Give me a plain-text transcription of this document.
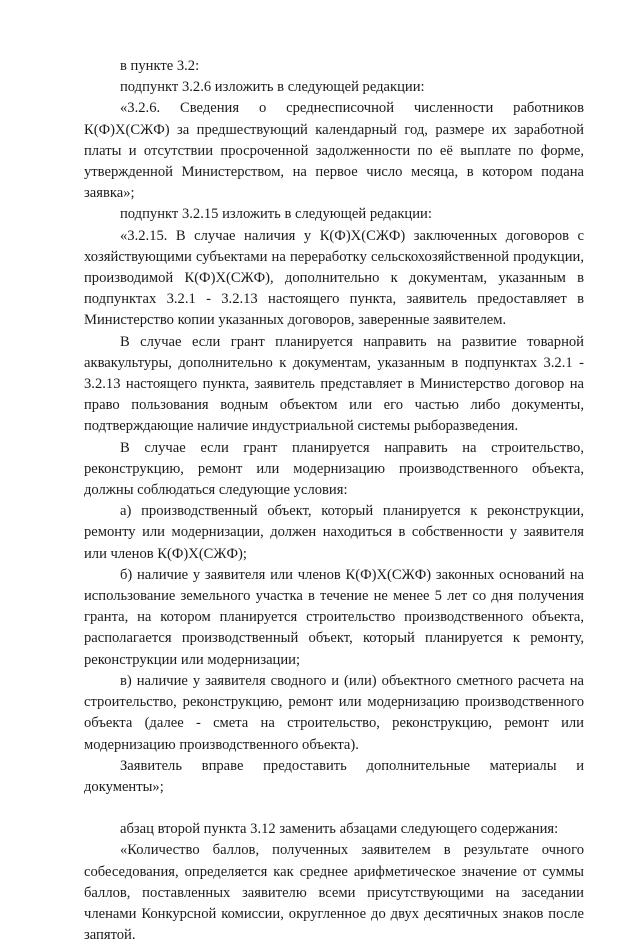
в пункте 3.2:

подпункт 3.2.6 изложить в следующей редакции:

«3.2.6. Сведения о среднесписочной численности работников К(Ф)Х(СЖФ) за предшествующий календарный год, размере их заработной платы и отсутствии просроченной задолженности по её выплате по форме, утвержденной Министерством, на первое число месяца, в котором подана заявка»;

подпункт 3.2.15 изложить в следующей редакции:

«3.2.15. В случае наличия у К(Ф)Х(СЖФ) заключенных договоров с хозяйствующими субъектами на переработку сельскохозяйственной продукции, производимой К(Ф)Х(СЖФ), дополнительно к документам, указанным в подпунктах 3.2.1 - 3.2.13 настоящего пункта, заявитель предоставляет в Министерство копии указанных договоров, заверенные заявителем.

В случае если грант планируется направить на развитие товарной аквакультуры, дополнительно к документам, указанным в подпунктах 3.2.1 - 3.2.13 настоящего пункта, заявитель представляет в Министерство договор на право пользования водным объектом или его частью либо документы, подтверждающие наличие индустриальной системы рыборазведения.

В случае если грант планируется направить на строительство, реконструкцию, ремонт или модернизацию производственного объекта, должны соблюдаться следующие условия:

а) производственный объект, который планируется к реконструкции, ремонту или модернизации, должен находиться в собственности у заявителя или членов К(Ф)Х(СЖФ);

б) наличие у заявителя или членов К(Ф)Х(СЖФ) законных оснований на использование земельного участка в течение не менее 5 лет со дня получения гранта, на котором планируется строительство производственного объекта, располагается производственный объект, который планируется к ремонту, реконструкции или модернизации;

в) наличие у заявителя сводного и (или) объектного сметного расчета на строительство, реконструкцию, ремонт или модернизацию производственного объекта (далее - смета на строительство, реконструкцию, ремонт или модернизацию производственного объекта).

Заявитель вправе предоставить дополнительные материалы и документы»;

абзац второй пункта 3.12 заменить абзацами следующего содержания:

«Количество баллов, полученных заявителем в результате очного собеседования, определяется как среднее арифметическое значение от суммы баллов, поставленных заявителю всеми присутствующими на заседании членами Конкурсной комиссии, округленное до двух десятичных знаков после запятой.
